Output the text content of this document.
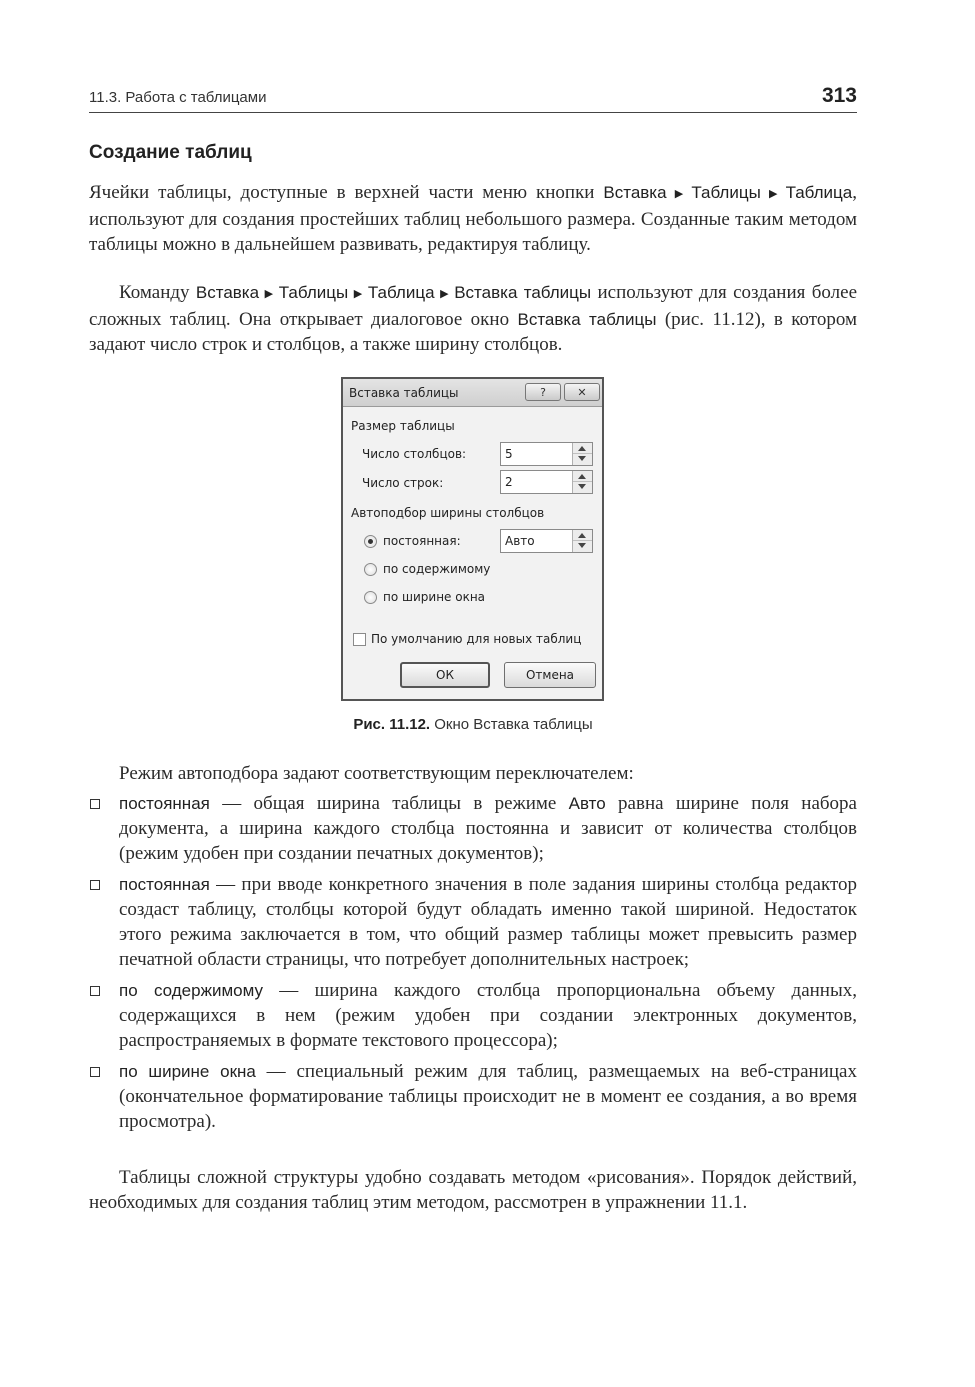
11.3. Работа с таблицами	313
Создание таблиц

Ячейки таблицы, доступные в верхней части меню кнопки Вставка ▶ Таблицы ▶ Таблица, используют для создания простейших таблиц небольшого размера. Созданные таким методом таблицы можно в дальнейшем развивать, редактируя таблицу.

Команду Вставка ▶ Таблицы ▶ Таблица ▶ Вставка таблицы используют для создания более сложных таблиц. Она открывает диалоговое окно Вставка таблицы (рис. 11.12), в котором задают число строк и столбцов, а также ширину столбцов.

Вставка таблицы	?	✕
Размер таблицы
Число столбцов:	5
Число строк:	2
Автоподбор ширины столбцов
постоянная:	Авто
по содержимому
по ширине окна
По умолчанию для новых таблиц
ОК	Отмена
Рис. 11.12. Окно Вставка таблицы

Режим автоподбора задают соответствующим переключателем:

постоянная — общая ширина таблицы в режиме Авто равна ширине поля набора документа, а ширина каждого столбца постоянна и зависит от количества столбцов (режим удобен при создании печатных документов);
постоянная — при вводе конкретного значения в поле задания ширины столбца редактор создаст таблицу, столбцы которой будут обладать именно такой шириной. Недостаток этого режима заключается в том, что общий размер таблицы может превысить размер печатной области страницы, что потребует дополнительных настроек;
по содержимому — ширина каждого столбца пропорциональна объему данных, содержащихся в нем (режим удобен при создании электронных документов, распространяемых в формате текстового процессора);
по ширине окна — специальный режим для таблиц, размещаемых на веб-страницах (окончательное форматирование таблицы происходит не в момент ее создания, а во время просмотра).

Таблицы сложной структуры удобно создавать методом «рисования». Порядок действий, необходимых для создания таблиц этим методом, рассмотрен в упражнении 11.1.
